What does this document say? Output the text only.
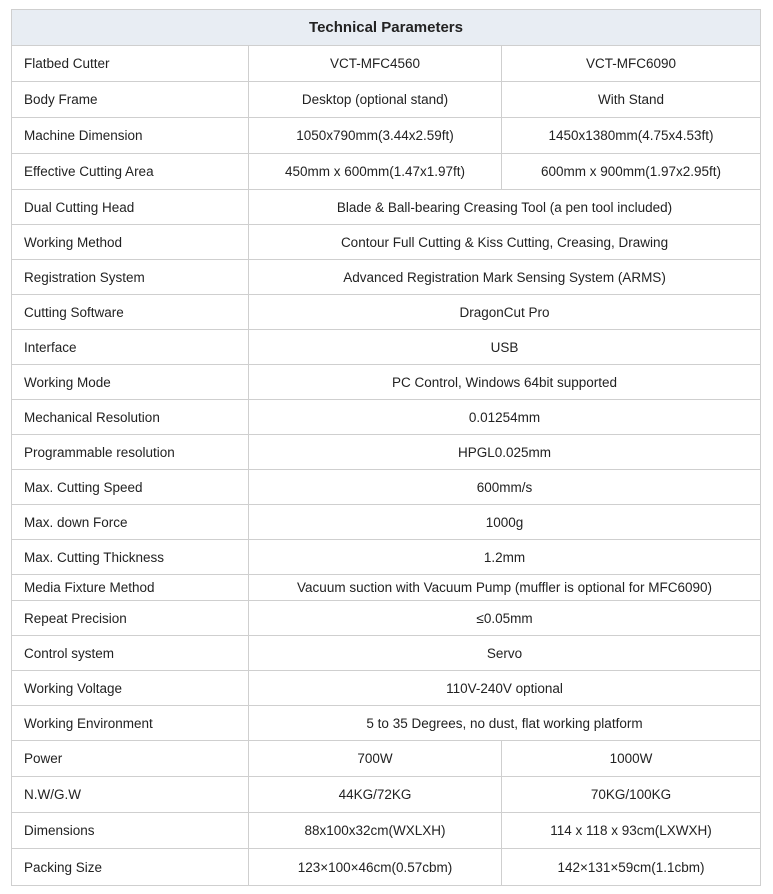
Technical Parameters		
Flatbed Cutter	VCT-MFC4560	VCT-MFC6090
Body Frame	Desktop (optional stand)	With Stand
Machine Dimension	1050x790mm(3.44x2.59ft)	1450x1380mm(4.75x4.53ft)
Effective Cutting Area	450mm x 600mm(1.47x1.97ft)	600mm x 900mm(1.97x2.95ft)
Dual Cutting Head	Blade & Ball-bearing Creasing Tool (a pen tool included)	
Working Method	Contour Full Cutting & Kiss Cutting, Creasing, Drawing	
Registration System	Advanced Registration Mark Sensing System (ARMS)	
Cutting Software	DragonCut Pro	
Interface	USB	
Working Mode	PC Control, Windows 64bit supported	
Mechanical Resolution	0.01254mm	
Programmable resolution	HPGL0.025mm	
Max. Cutting Speed	600mm/s	
Max. down Force	1000g	
Max. Cutting Thickness	1.2mm	
Media Fixture Method	Vacuum suction with Vacuum Pump (muffler is optional for MFC6090)	
Repeat Precision	≤0.05mm	
Control system	Servo	
Working Voltage	110V-240V optional	
Working Environment	5 to 35 Degrees, no dust, flat working platform	
Power	700W	1000W
N.W/G.W	44KG/72KG	70KG/100KG
Dimensions	88x100x32cm(WXLXH)	114 x 118 x 93cm(LXWXH)
Packing Size	123×100×46cm(0.57cbm)	142×131×59cm(1.1cbm)
